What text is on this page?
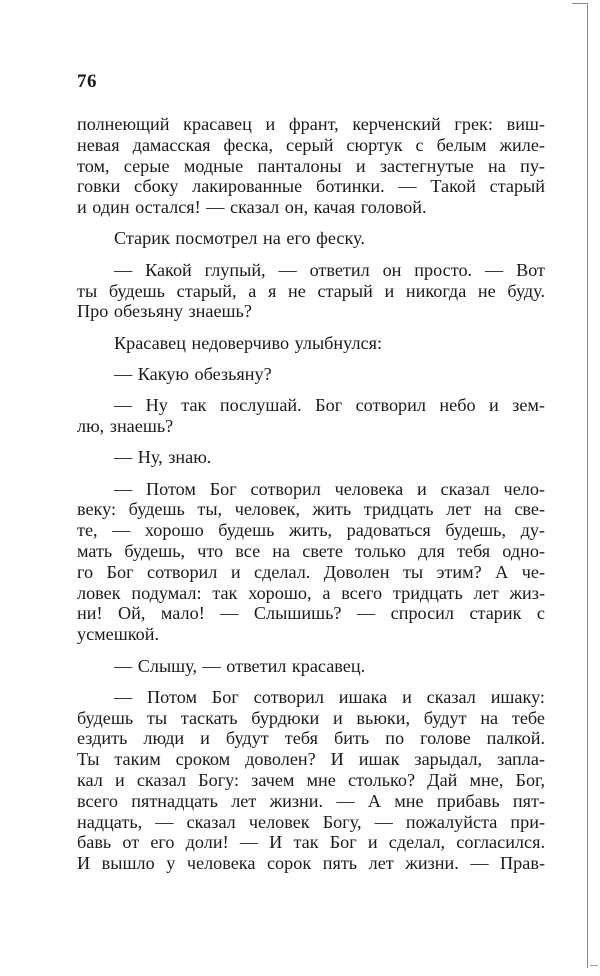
76

полнеющий красавец и франт, керченский грек: виш-
невая дамасская феска, серый сюртук с белым жиле-
том, серые модные панталоны и застегнутые на пу-
говки сбоку лакированные ботинки. — Такой старый
и один остался! — сказал он, качая головой.

Старик посмотрел на его феску.

— Какой глупый, — ответил он просто. — Вот
ты будешь старый, а я не старый и никогда не буду.
Про обезьяну знаешь?

Красавец недоверчиво улыбнулся:

— Какую обезьяну?

— Ну так послушай. Бог сотворил небо и зем-
лю, знаешь?

— Ну, знаю.

— Потом Бог сотворил человека и сказал чело-
веку: будешь ты, человек, жить тридцать лет на све-
те, — хорошо будешь жить, радоваться будешь, ду-
мать будешь, что все на свете только для тебя одно-
го Бог сотворил и сделал. Доволен ты этим? А че-
ловек подумал: так хорошо, а всего тридцать лет жиз-
ни! Ой, мало! — Слышишь? — спросил старик с
усмешкой.

— Слышу, — ответил красавец.

— Потом Бог сотворил ишака и сказал ишаку:
будешь ты таскать бурдюки и вьюки, будут на тебе
ездить люди и будут тебя бить по голове палкой.
Ты таким сроком доволен? И ишак зарыдал, запла-
кал и сказал Богу: зачем мне столько? Дай мне, Бог,
всего пятнадцать лет жизни. — А мне прибавь пят-
надцать, — сказал человек Богу, — пожалуйста при-
бавь от его доли! — И так Бог и сделал, согласился.
И вышло у человека сорок пять лет жизни. — Прав-
